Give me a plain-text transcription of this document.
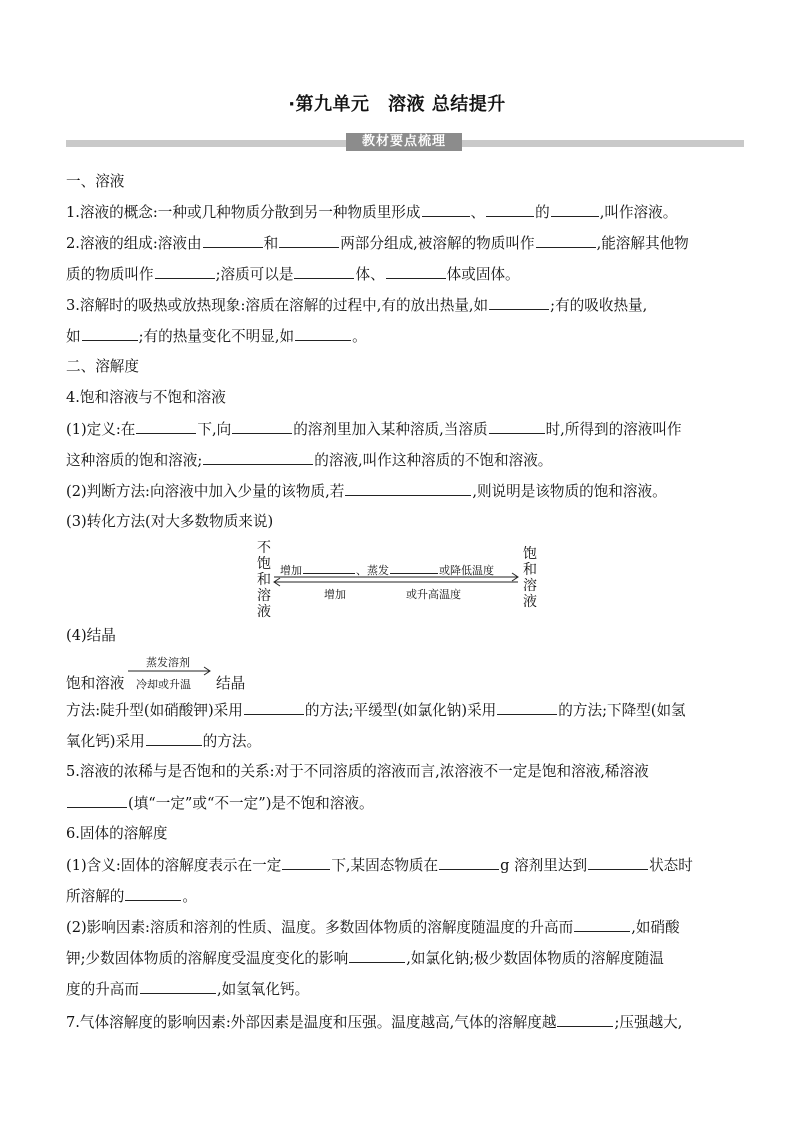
·第九单元　溶液 总结提升
教材要点梳理
一、溶液
1.溶液的概念:一种或几种物质分散到另一种物质里形成	、	的	,叫作溶液。
2.溶液的组成:溶液由	和	两部分组成,被溶解的物质叫作	,能溶解其他物
质的物质叫作	;溶质可以是	体、	体或固体。
3.溶解时的吸热或放热现象:溶质在溶解的过程中,有的放出热量,如	;有的吸收热量,
如	;有的热量变化不明显,如	。
二、溶解度
4.饱和溶液与不饱和溶液
(1)定义:在	下,向	的溶剂里加入某种溶质,当溶质	时,所得到的溶液叫作
这种溶质的饱和溶液;	的溶液,叫作这种溶质的不饱和溶液。
(2)判断方法:向溶液中加入少量的该物质,若	,则说明是该物质的饱和溶液。
(3)转化方法(对大多数物质来说)
不
饱
和
溶
液
饱
和
溶
液
增加	、蒸发	或降低温度
增加	或升高温度
(4)结晶
饱和溶液
蒸发溶剂
冷却或升温 结晶
方法:陡升型(如硝酸钾)采用	的方法;平缓型(如氯化钠)采用	的方法;下降型(如氢
氧化钙)采用	的方法。
5.溶液的浓稀与是否饱和的关系:对于不同溶质的溶液而言,浓溶液不一定是饱和溶液,稀溶液
(填“一定”或“不一定”)是不饱和溶液。
6.固体的溶解度
(1)含义:固体的溶解度表示在一定	下,某固态物质在	g 溶剂里达到	状态时
所溶解的	。
(2)影响因素:溶质和溶剂的性质、温度。多数固体物质的溶解度随温度的升高而	,如硝酸
钾;少数固体物质的溶解度受温度变化的影响	,如氯化钠;极少数固体物质的溶解度随温
度的升高而	,如氢氧化钙。
7.气体溶解度的影响因素:外部因素是温度和压强。温度越高,气体的溶解度越	;压强越大,
